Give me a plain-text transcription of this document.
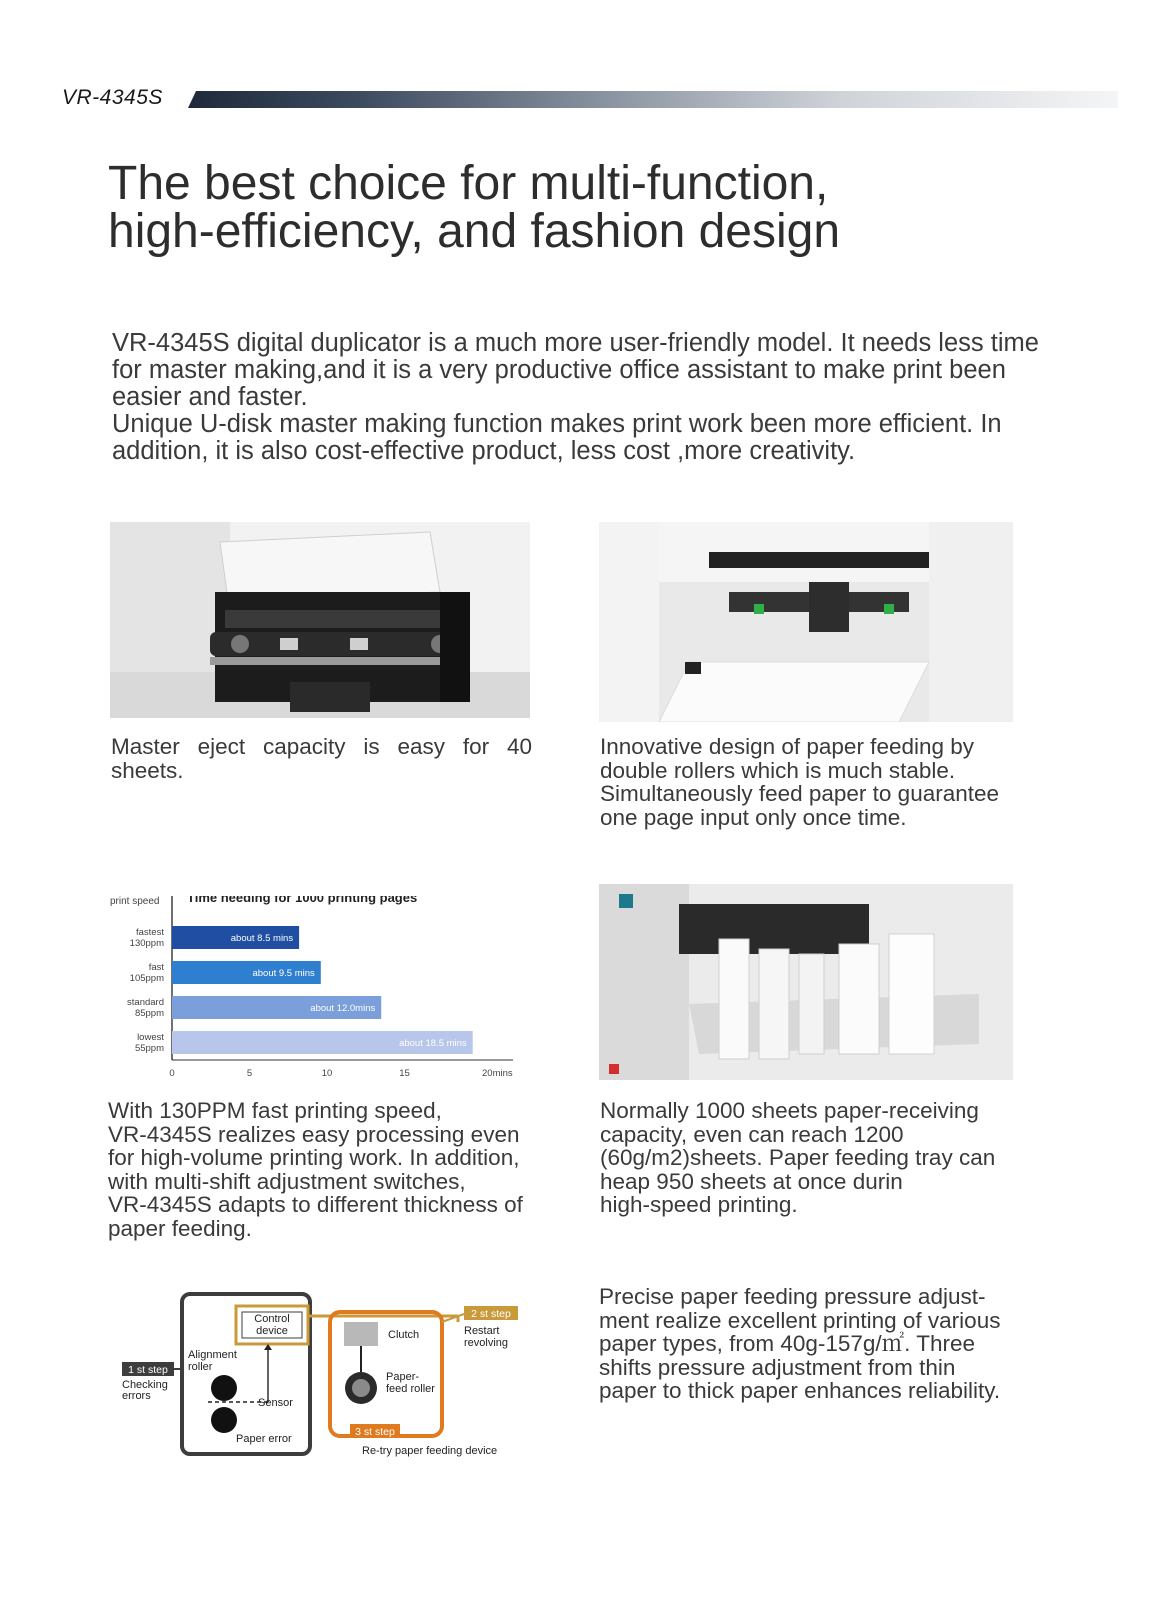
VR-4345S
The best choice for multi-function,
high-efficiency, and fashion design

VR-4345S digital duplicator is a much more user-friendly model. It needs less time for master making,and it is a very productive office assistant to make print been easier and faster.

Unique U-disk master making function makes print work been more efficient. In addition, it is also cost-effective product, less cost ,more creativity.

Master eject capacity is easy for 40 sheets.

Innovative design of paper feeding by
double rollers which is much stable.
Simultaneously feed paper to guarantee
one page input only once time.
print speed Time needing for 1000 printing pages
about 8.5 mins
fastest
130ppm
about 9.5 mins
fast
105ppm
about 12.0mins
standard
85ppm
about 18.5 mins
lowest
55ppm
0	5	10	15	20mins
With 130PPM fast printing speed,
VR-4345S realizes easy processing even
for high-volume printing work. In addition,
with multi-shift adjustment switches,
VR-4345S adapts to different thickness of
paper feeding.
Normally 1000 sheets paper-receiving
capacity, even can reach 1200
(60g/m2)sheets. Paper feeding tray can
heap 950 sheets at once durin
high-speed printing.
Control
device	Clutch
Paper-
feed roller
2 st step
Restart
revolving
Alignment
roller
Sensor
Paper error
1 st step
Checking
errors
3 st step
Re-try paper feeding device
Precise paper feeding pressure adjust-
ment realize excellent printing of various
paper types, from 40g-157g/㎡. Three
shifts pressure adjustment from thin
paper to thick paper enhances reliability.
